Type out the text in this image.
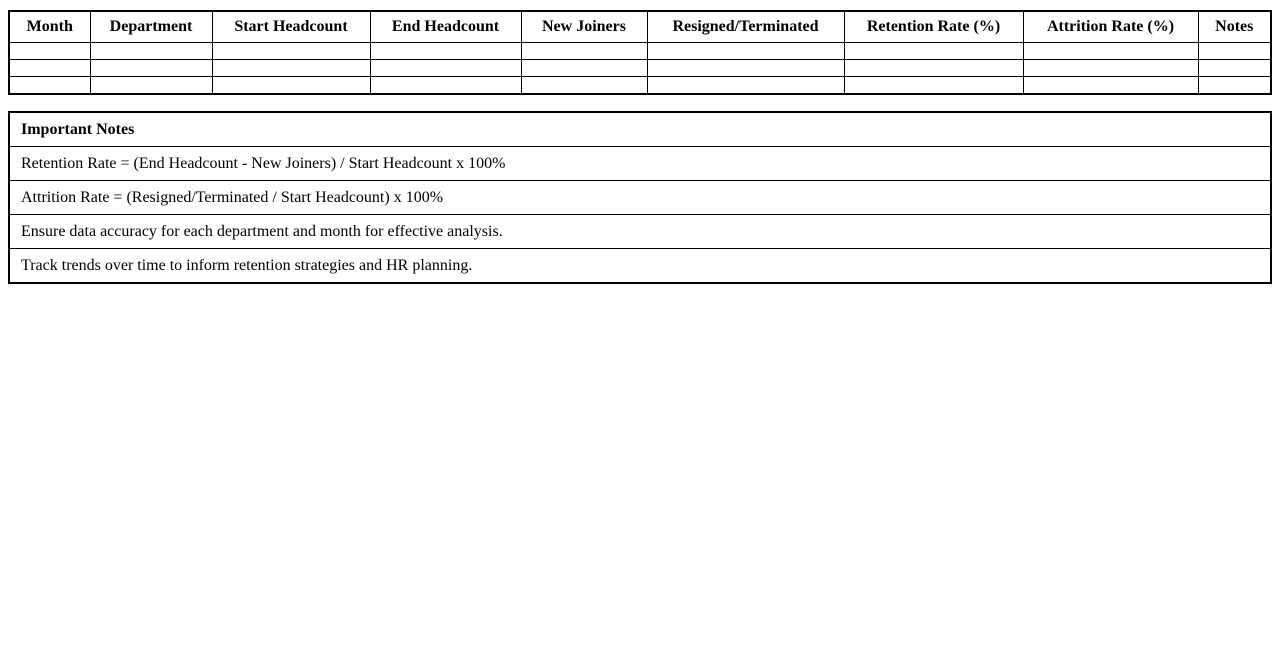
Month	Department	Start Headcount	End Headcount	New Joiners	Resigned/Terminated	Retention Rate (%)	Attrition Rate (%)	Notes

Important Notes
Retention Rate = (End Headcount - New Joiners) / Start Headcount x 100%
Attrition Rate = (Resigned/Terminated / Start Headcount) x 100%
Ensure data accuracy for each department and month for effective analysis.
Track trends over time to inform retention strategies and HR planning.
